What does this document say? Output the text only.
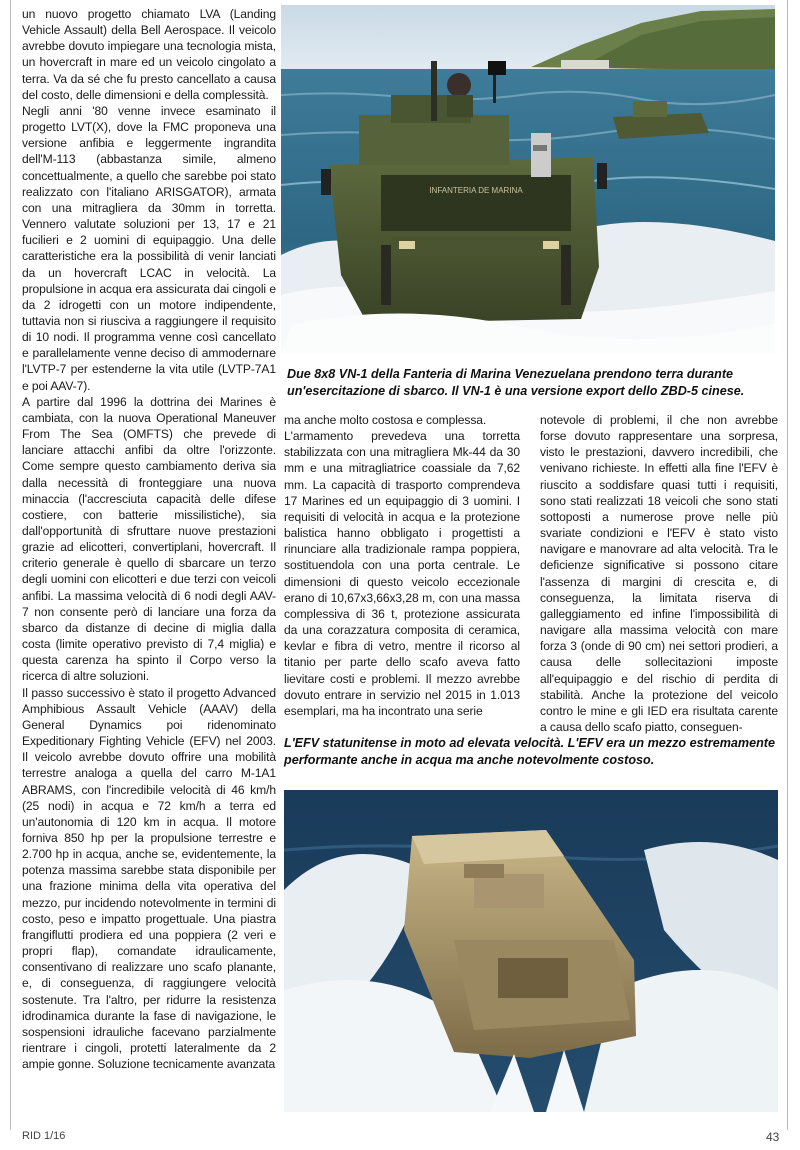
un nuovo progetto chiamato LVA (Landing Vehicle Assault) della Bell Aerospace. Il veicolo avrebbe dovuto impiegare una tecnologia mista, un hovercraft in mare ed un veicolo cingolato a terra. Va da sé che fu presto cancellato a causa del costo, delle dimensioni e della complessità.

Negli anni '80 venne invece esaminato il progetto LVT(X), dove la FMC proponeva una versione anfibia e leggermente ingrandita dell'M-113 (abbastanza simile, almeno concettualmente, a quello che sarebbe poi stato realizzato con l'italiano ARISGATOR), armata con una mitragliera da 30mm in torretta. Vennero valutate soluzioni per 13, 17 e 21 fucilieri e 2 uomini di equipaggio. Una delle caratteristiche era la possibilità di venir lanciati da un hovercraft LCAC in velocità. La propulsione in acqua era assicurata dai cingoli e da 2 idrogetti con un motore indipendente, tuttavia non si riusciva a raggiungere il requisito di 10 nodi. Il programma venne così cancellato e parallelamente venne deciso di ammodernare l'LVTP-7 per estenderne la vita utile (LVTP-7A1 e poi AAV-7).

A partire dal 1996 la dottrina dei Marines è cambiata, con la nuova Operational Maneuver From The Sea (OMFTS) che prevede di lanciare attacchi anfibi da oltre l'orizzonte. Come sempre questo cambiamento deriva sia dalla necessità di fronteggiare una nuova minaccia (l'accresciuta capacità delle difese costiere, con batterie missilistiche), sia dall'opportunità di sfruttare nuove prestazioni grazie ad elicotteri, convertiplani, hovercraft. Il criterio generale è quello di sbarcare un terzo degli uomini con elicotteri e due terzi con veicoli anfibi. La massima velocità di 6 nodi degli AAV-7 non consente però di lanciare una forza da sbarco da distanze di decine di miglia dalla costa (limite operativo previsto di 7,4 miglia) e questa carenza ha spinto il Corpo verso la ricerca di altre soluzioni.

Il passo successivo è stato il progetto Advanced Amphibious Assault Vehicle (AAAV) della General Dynamics poi ridenominato Expeditionary Fighting Vehicle (EFV) nel 2003. Il veicolo avrebbe dovuto offrire una mobilità terrestre analoga a quella del carro M-1A1 ABRAMS, con l'incredibile velocità di 46 km/h (25 nodi) in acqua e 72 km/h a terra ed un'autonomia di 120 km in acqua. Il motore forniva 850 hp per la propulsione terrestre e 2.700 hp in acqua, anche se, evidentemente, la potenza massima sarebbe stata disponibile per una frazione minima della vita operativa del mezzo, pur incidendo notevolmente in termini di costo, peso e impatto progettuale. Una piastra frangiflutti prodiera ed una poppiera (2 veri e propri flap), comandate idraulicamente, consentivano di realizzare uno scafo planante, e, di conseguenza, di raggiungere velocità sostenute. Tra l'altro, per ridurre la resistenza idrodinamica durante la fase di navigazione, le sospensioni idrauliche facevano parzialmente rientrare i cingoli, protetti lateralmente da 2 ampie gonne. Soluzione tecnicamente avanzata

INFANTERIA DE MARINA
Due 8x8 VN-1 della Fanteria di Marina Venezuelana prendono terra durante un'esercitazione di sbarco. Il VN-1 è una versione export dello ZBD-5 cinese.

ma anche molto costosa e complessa.

L'armamento prevedeva una torretta stabilizzata con una mitragliera Mk-44 da 30 mm e una mitragliatrice coassiale da 7,62 mm. La capacità di trasporto comprendeva 17 Marines ed un equipaggio di 3 uomini. I requisiti di velocità in acqua e la protezione balistica hanno obbligato i progettisti a rinunciare alla tradizionale rampa poppiera, sostituendola con una porta centrale. Le dimensioni di questo veicolo eccezionale erano di 10,67x3,66x3,28 m, con una massa complessiva di 36 t, protezione assicurata da una corazzatura composita di ceramica, kevlar e fibra di vetro, mentre il ricorso al titanio per parte dello scafo aveva fatto lievitare costi e problemi. Il mezzo avrebbe dovuto entrare in servizio nel 2015 in 1.013 esemplari, ma ha incontrato una serie

notevole di problemi, il che non avrebbe forse dovuto rappresentare una sorpresa, visto le prestazioni, davvero incredibili, che venivano richieste. In effetti alla fine l'EFV è riuscito a soddisfare quasi tutti i requisiti, sono stati realizzati 18 veicoli che sono stati sottoposti a numerose prove nelle più svariate condizioni e l'EFV è stato visto navigare e manovrare ad alta velocità. Tra le deficienze significative si possono citare l'assenza di margini di crescita e, di conseguenza, la limitata riserva di galleggiamento ed infine l'impossibilità di navigare alla massima velocità con mare forza 3 (onde di 90 cm) nei settori prodieri, a causa delle sollecitazioni imposte all'equipaggio e del rischio di perdita di stabilità. Anche la protezione del veicolo contro le mine e gli IED era risultata carente a causa dello scafo piatto, conseguen-

L'EFV statunitense in moto ad elevata velocità. L'EFV era un mezzo estremamente performante anche in acqua ma anche notevolmente costoso.
RID 1/16	43
